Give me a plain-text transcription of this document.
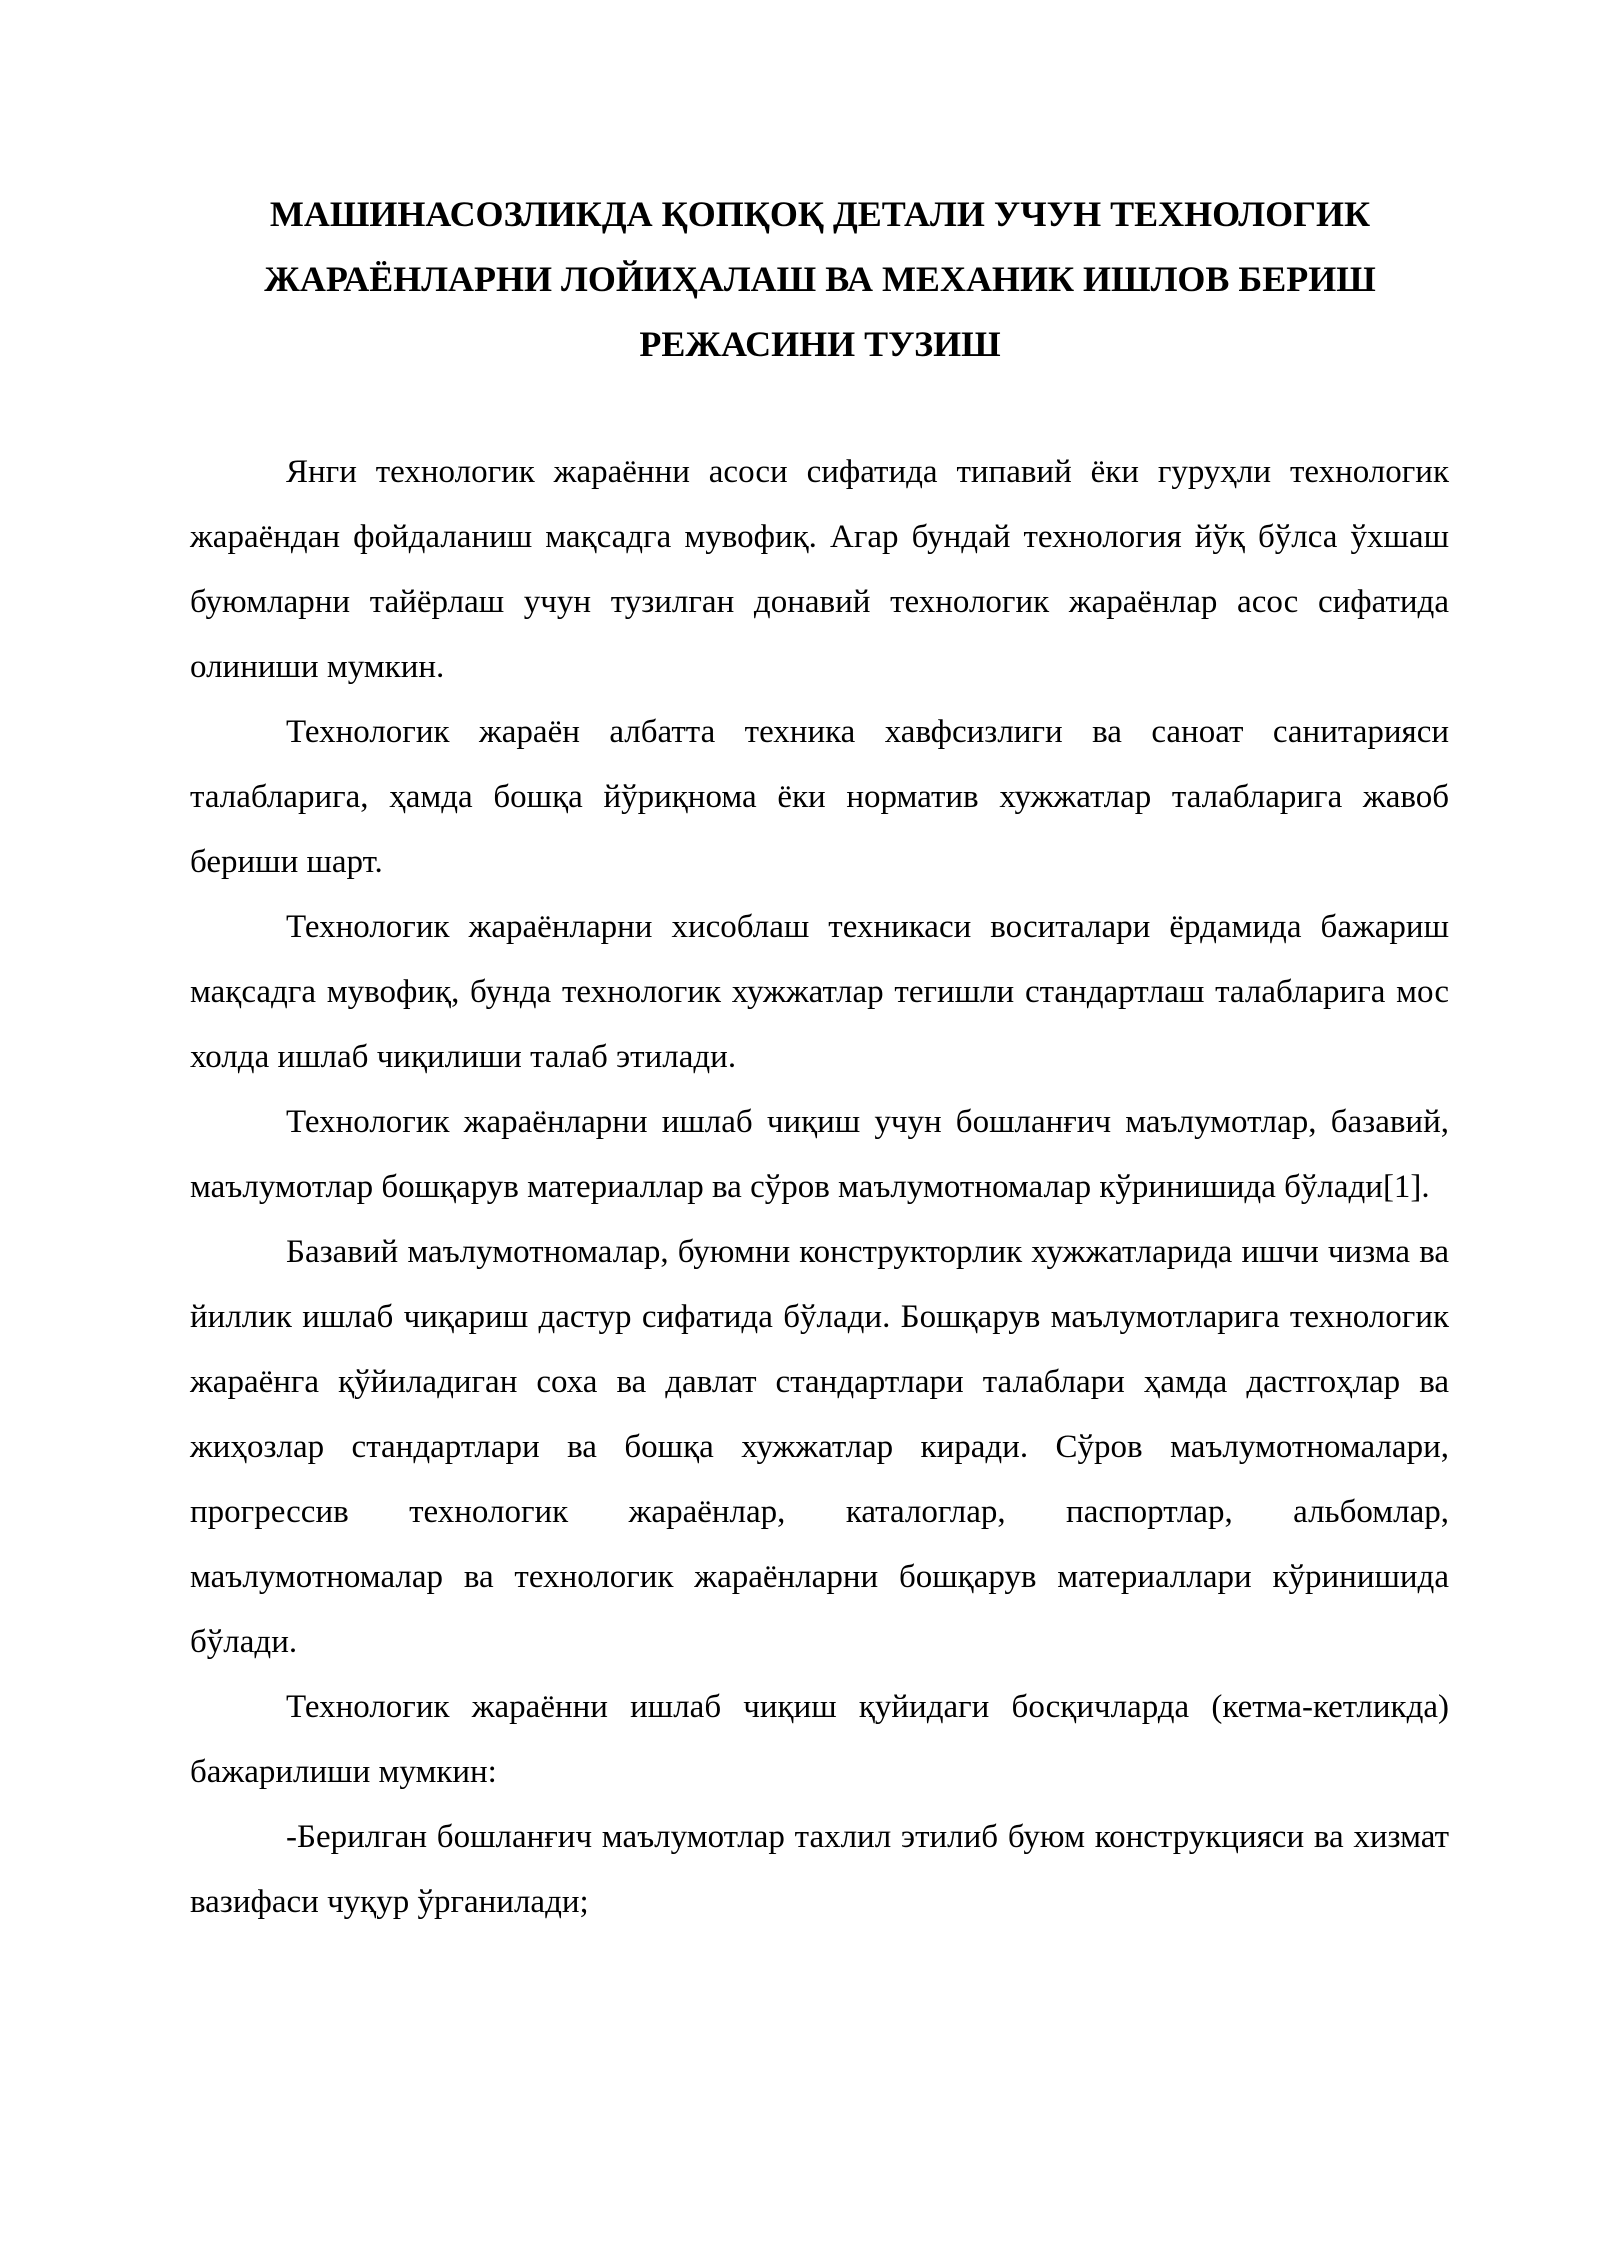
МАШИНАСОЗЛИКДА ҚОПҚОҚ ДЕТАЛИ УЧУН ТЕХНОЛОГИК
ЖАРАЁНЛАРНИ ЛОЙИҲАЛАШ ВА МЕХАНИК ИШЛОВ БЕРИШ
РЕЖАСИНИ ТУЗИШ

Янги технологик жараённи асоси сифатида типавий ёки гуруҳли технологик жараёндан фойдаланиш мақсадга мувофиқ. Агар бундай технология йўқ бўлса ўхшаш буюмларни тайёрлаш учун тузилган донавий технологик жараёнлар асос сифатида олиниши мумкин.

Технологик жараён албатта техника хавфсизлиги ва саноат санитарияси талабларига, ҳамда бошқа йўриқнома ёки норматив хужжатлар талабларига жавоб бериши шарт.

Технологик жараёнларни хисоблаш техникаси воситалари ёрдамида бажариш мақсадга мувофиқ, бунда технологик хужжатлар тегишли стандартлаш талабларига мос холда ишлаб чиқилиши талаб этилади.

Технологик жараёнларни ишлаб чиқиш учун бошланғич маълумотлар, базавий, маълумотлар бошқарув материаллар ва сўров маълумотномалар кўринишида бўлади[1].

Базавий маълумотномалар, буюмни конструкторлик хужжатларида ишчи чизма ва йиллик ишлаб чиқариш дастур сифатида бўлади. Бошқарув маълумотларига технологик жараёнга қўйиладиган соха ва давлат стандартлари талаблари ҳамда дастгоҳлар ва жиҳозлар стандартлари ва бошқа хужжатлар киради. Сўров маълумотномалари, прогрессив технологик жараёнлар, каталоглар, паспортлар, альбомлар, маълумотномалар ва технологик жараёнларни бошқарув материаллари кўринишида бўлади.

Технологик жараённи ишлаб чиқиш қуйидаги босқичларда (кетма-кетликда) бажарилиши мумкин:

-Берилган бошланғич маълумотлар тахлил этилиб буюм конструкцияси ва хизмат вазифаси чуқур ўрганилади;
